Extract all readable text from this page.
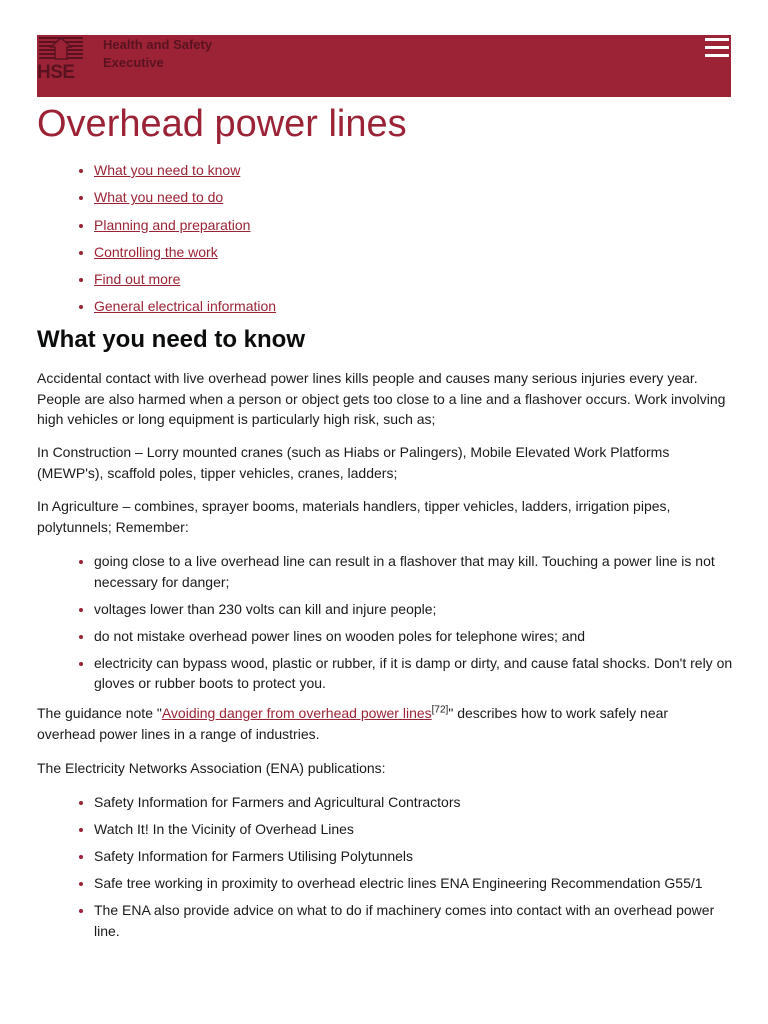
HSE
Health and Safety Executive
Overhead power lines
What you need to know
What you need to do
Planning and preparation
Controlling the work
Find out more
General electrical information
What you need to know

Accidental contact with live overhead power lines kills people and causes many serious injuries every year. People are also harmed when a person or object gets too close to a line and a flashover occurs. Work involving high vehicles or long equipment is particularly high risk, such as;

In Construction – Lorry mounted cranes (such as Hiabs or Palingers), Mobile Elevated Work Platforms (MEWP's), scaffold poles, tipper vehicles, cranes, ladders;

In Agriculture – combines, sprayer booms, materials handlers, tipper vehicles, ladders, irrigation pipes, polytunnels; Remember:

going close to a live overhead line can result in a flashover that may kill. Touching a power line is not necessary for danger;
voltages lower than 230 volts can kill and injure people;
do not mistake overhead power lines on wooden poles for telephone wires; and
electricity can bypass wood, plastic or rubber, if it is damp or dirty, and cause fatal shocks. Don't rely on gloves or rubber boots to protect you.

The guidance note "Avoiding danger from overhead power lines[72]" describes how to work safely near overhead power lines in a range of industries.

The Electricity Networks Association (ENA) publications:

Safety Information for Farmers and Agricultural Contractors
Watch It! In the Vicinity of Overhead Lines
Safety Information for Farmers Utilising Polytunnels
Safe tree working in proximity to overhead electric lines ENA Engineering Recommendation G55/1
The ENA also provide advice on what to do if machinery comes into contact with an overhead power line.
